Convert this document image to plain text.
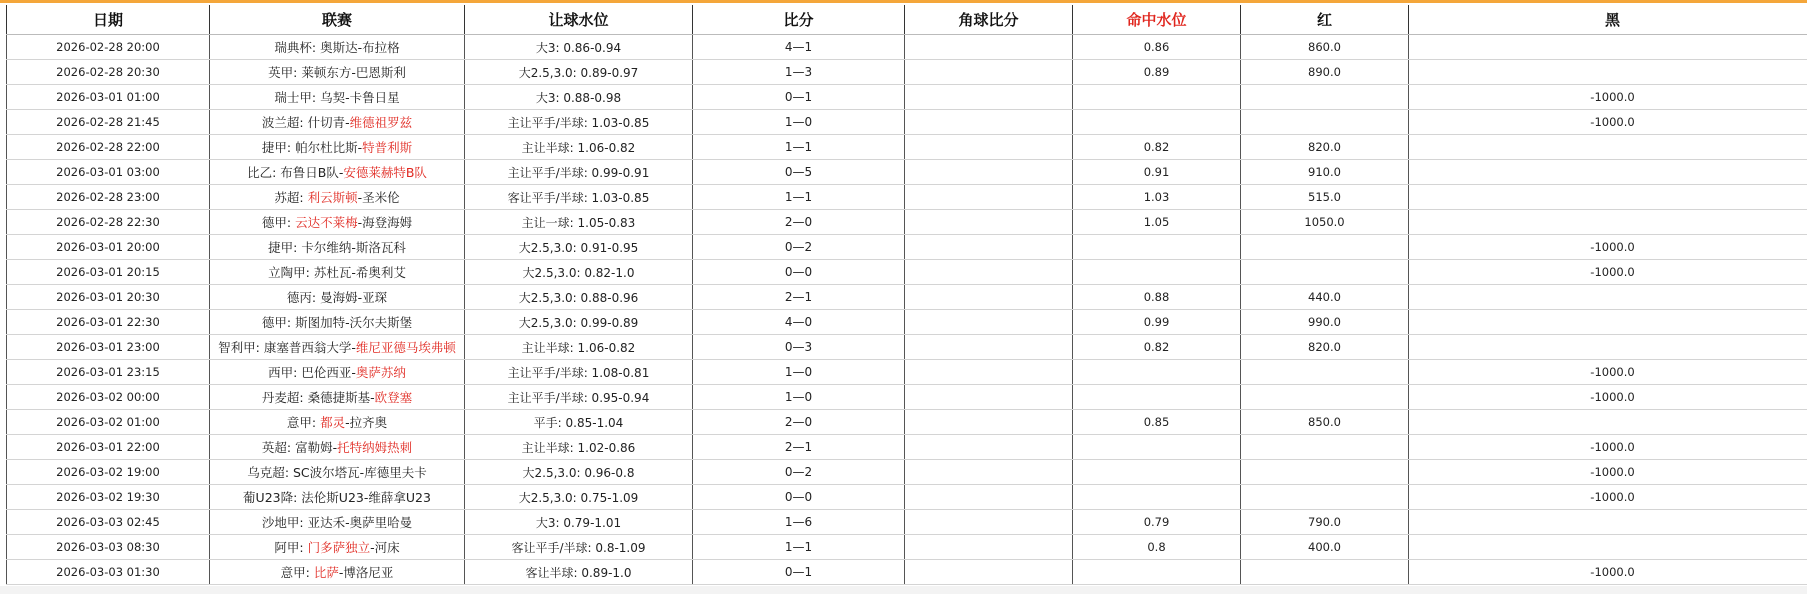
日期	联赛	让球水位	比分	角球比分	命中水位	红	黑
2026-02-28 20:00	瑞典杯: 奥斯达-布拉格	大3: 0.86-0.94	4—1		0.86	860.0	
2026-02-28 20:30	英甲: 莱顿东方-巴恩斯利	大2.5,3.0: 0.89-0.97	1—3		0.89	890.0	
2026-03-01 01:00	瑞士甲: 乌契-卡鲁日星	大3: 0.88-0.98	0—1				-1000.0
2026-02-28 21:45	波兰超: 什切青-维德祖罗兹	主让平手/半球: 1.03-0.85	1—0				-1000.0
2026-02-28 22:00	捷甲: 帕尔杜比斯-特普利斯	主让半球: 1.06-0.82	1—1		0.82	820.0	
2026-03-01 03:00	比乙: 布鲁日B队-安德莱赫特B队	主让平手/半球: 0.99-0.91	0—5		0.91	910.0	
2026-02-28 23:00	苏超: 利云斯顿-圣米伦	客让平手/半球: 1.03-0.85	1—1		1.03	515.0	
2026-02-28 22:30	德甲: 云达不莱梅-海登海姆	主让一球: 1.05-0.83	2—0		1.05	1050.0	
2026-03-01 20:00	捷甲: 卡尔维纳-斯洛瓦科	大2.5,3.0: 0.91-0.95	0—2				-1000.0
2026-03-01 20:15	立陶甲: 苏杜瓦-希奥利艾	大2.5,3.0: 0.82-1.0	0—0				-1000.0
2026-03-01 20:30	德丙: 曼海姆-亚琛	大2.5,3.0: 0.88-0.96	2—1		0.88	440.0	
2026-03-01 22:30	德甲: 斯图加特-沃尔夫斯堡	大2.5,3.0: 0.99-0.89	4—0		0.99	990.0	
2026-03-01 23:00	智利甲: 康塞普西翁大学-维尼亚德马埃弗顿	主让半球: 1.06-0.82	0—3		0.82	820.0	
2026-03-01 23:15	西甲: 巴伦西亚-奥萨苏纳	主让平手/半球: 1.08-0.81	1—0				-1000.0
2026-03-02 00:00	丹麦超: 桑德捷斯基-欧登塞	主让平手/半球: 0.95-0.94	1—0				-1000.0
2026-03-02 01:00	意甲: 都灵-拉齐奥	平手: 0.85-1.04	2—0		0.85	850.0	
2026-03-01 22:00	英超: 富勒姆-托特纳姆热刺	主让半球: 1.02-0.86	2—1				-1000.0
2026-03-02 19:00	乌克超: SC波尔塔瓦-库德里夫卡	大2.5,3.0: 0.96-0.8	0—2				-1000.0
2026-03-02 19:30	葡U23降: 法伦斯U23-维薛拿U23	大2.5,3.0: 0.75-1.09	0—0				-1000.0
2026-03-03 02:45	沙地甲: 亚达禾-奥萨里哈曼	大3: 0.79-1.01	1—6		0.79	790.0	
2026-03-03 08:30	阿甲: 门多萨独立-河床	客让平手/半球: 0.8-1.09	1—1		0.8	400.0	
2026-03-03 01:30	意甲: 比萨-博洛尼亚	客让半球: 0.89-1.0	0—1				-1000.0
